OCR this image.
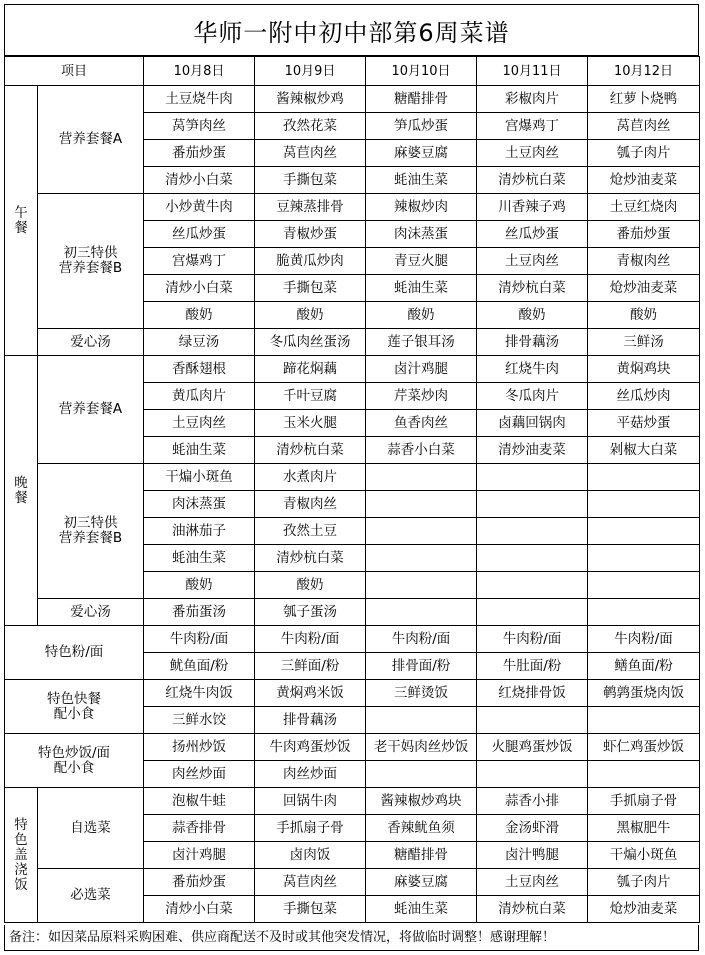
华师一附中初中部第6周菜谱
项目		10月8日	10月9日	10月10日	10月11日	10月12日

午餐	营养套餐A	土豆烧牛肉	酱辣椒炒鸡	糖醋排骨	彩椒肉片	红萝卜烧鸭
		莴笋肉丝	孜然花菜	笋瓜炒蛋	宫爆鸡丁	莴苣肉丝
		番茄炒蛋	莴苣肉丝	麻婆豆腐	土豆肉丝	瓠子肉片
		清炒小白菜	手撕包菜	蚝油生菜	清炒杭白菜	炝炒油麦菜
	初三特供
营养套餐B	小炒黄牛肉	豆辣蒸排骨	辣椒炒肉	川香辣子鸡	土豆红烧肉
		丝瓜炒蛋	青椒炒蛋	肉沫蒸蛋	丝瓜炒蛋	番茄炒蛋
		宫爆鸡丁	脆黄瓜炒肉	青豆火腿	土豆肉丝	青椒肉丝
		清炒小白菜	手撕包菜	蚝油生菜	清炒杭白菜	炝炒油麦菜
		酸奶	酸奶	酸奶	酸奶	酸奶
	爱心汤	绿豆汤	冬瓜肉丝蛋汤	莲子银耳汤	排骨藕汤	三鲜汤

晚餐	营养套餐A	香酥翅根	蹄花焖藕	卤汁鸡腿	红烧牛肉	黄焖鸡块
		黄瓜肉片	千叶豆腐	芹菜炒肉	冬瓜肉片	丝瓜炒肉
		土豆肉丝	玉米火腿	鱼香肉丝	卤藕回锅肉	平菇炒蛋
		蚝油生菜	清炒杭白菜	蒜香小白菜	清炒油麦菜	剁椒大白菜
	初三特供
营养套餐B	干煸小斑鱼	水煮肉片			
		肉沫蒸蛋	青椒肉丝			
		油淋茄子	孜然土豆			
		蚝油生菜	清炒杭白菜			
		酸奶	酸奶			
	爱心汤	番茄蛋汤	瓠子蛋汤			
特色粉/面		牛肉粉/面	牛肉粉/面	牛肉粉/面	牛肉粉/面	牛肉粉/面
		鱿鱼面/粉	三鲜面/粉	排骨面/粉	牛肚面/粉	鳝鱼面/粉
特色快餐
配小食		红烧牛肉饭	黄焖鸡米饭	三鲜烫饭	红烧排骨饭	鹌鹑蛋烧肉饭
		三鲜水饺	排骨藕汤			
特色炒饭/面
配小食		扬州炒饭	牛肉鸡蛋炒饭	老干妈肉丝炒饭	火腿鸡蛋炒饭	虾仁鸡蛋炒饭
		肉丝炒面	肉丝炒面			

特色盖浇饭	自选菜	泡椒牛蛙	回锅牛肉	酱辣椒炒鸡块	蒜香小排	手抓扇子骨
		蒜香排骨	手抓扇子骨	香辣鱿鱼须	金汤虾滑	黑椒肥牛
		卤汁鸡腿	卤肉饭	糖醋排骨	卤汁鸭腿	干煸小斑鱼
	必选菜	番茄炒蛋	莴苣肉丝	麻婆豆腐	土豆肉丝	瓠子肉片
		清炒小白菜	手撕包菜	蚝油生菜	清炒杭白菜	炝炒油麦菜
备注：如因菜品原料采购困难、供应商配送不及时或其他突发情况，将做临时调整！感谢理解！
